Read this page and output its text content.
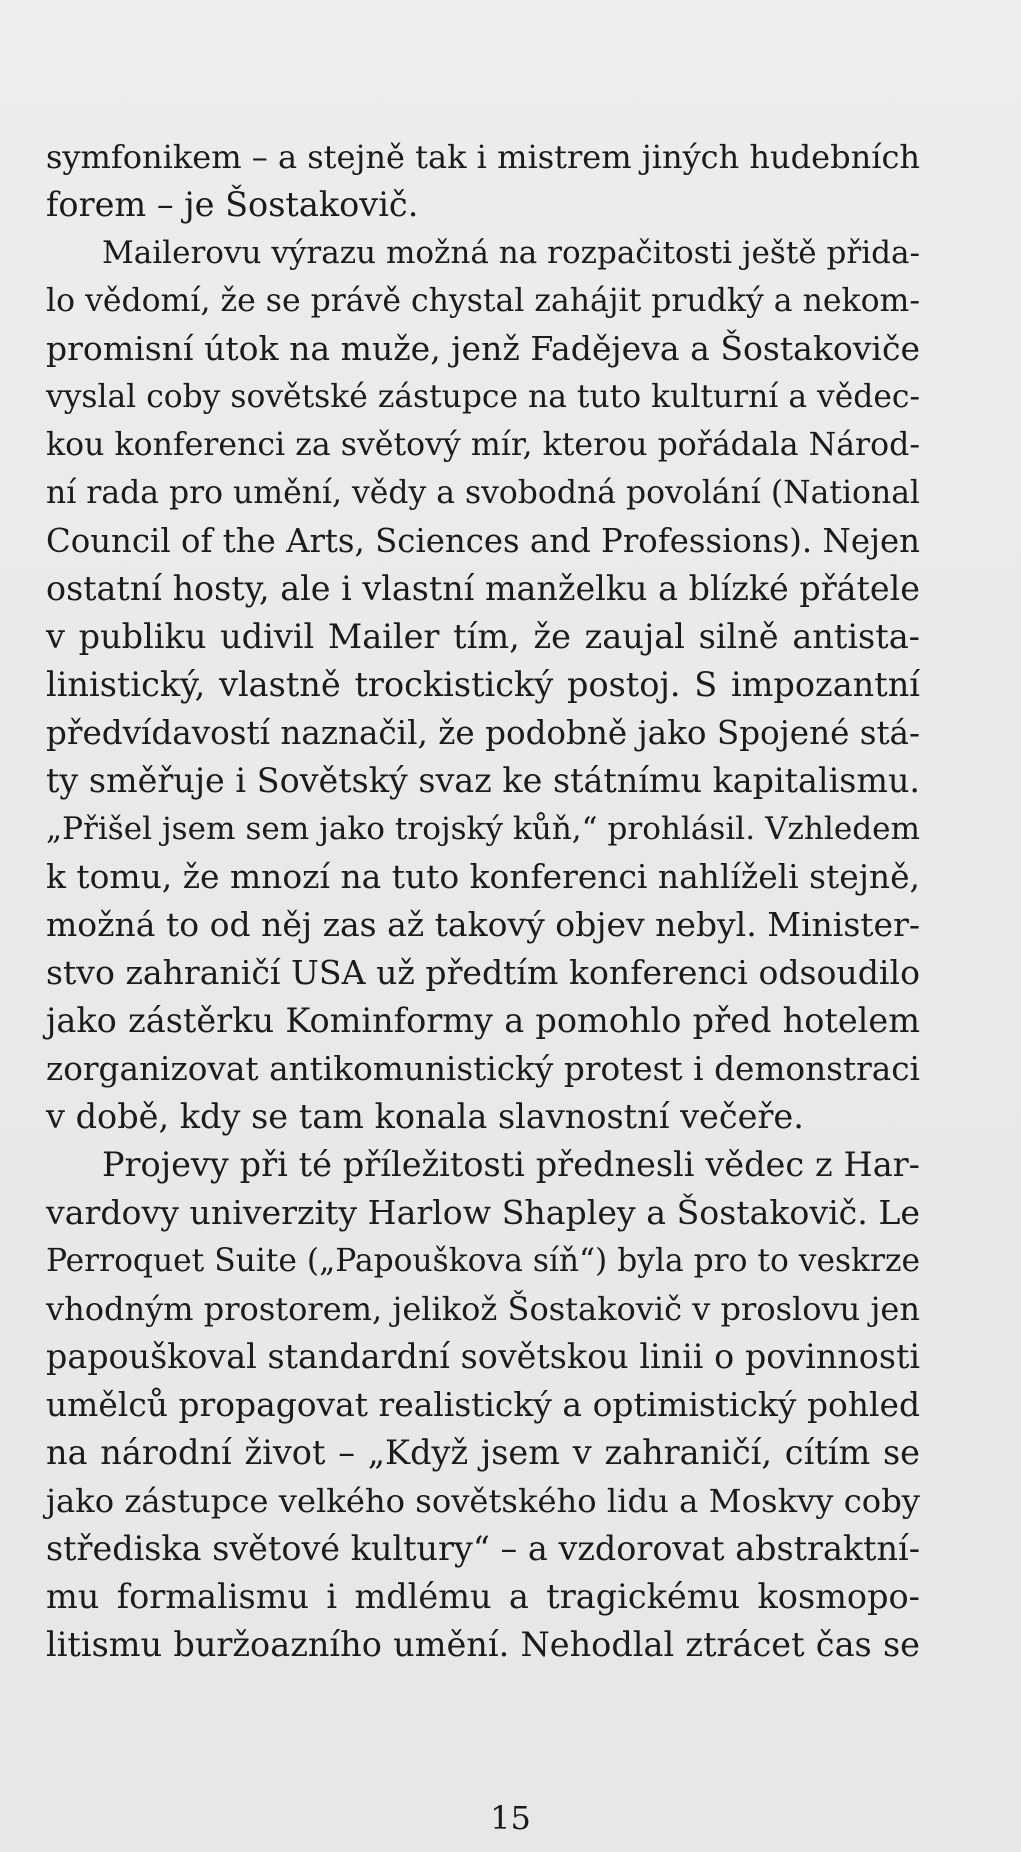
symfonikem – a stejně tak i mistrem jiných hudebních
forem – je Šostakovič.
Mailerovu výrazu možná na rozpačitosti ještě přida-
lo vědomí, že se právě chystal zahájit prudký a nekom-
promisní útok na muže, jenž Fadějeva a Šostakoviče
vyslal coby sovětské zástupce na tuto kulturní a vědec-
kou konferenci za světový mír, kterou pořádala Národ-
ní rada pro umění, vědy a svobodná povolání (National
Council of the Arts, Sciences and Professions). Nejen
ostatní hosty, ale i vlastní manželku a blízké přátele
v publiku udivil Mailer tím, že zaujal silně antista-
linistický, vlastně trockistický postoj. S impozantní
předvídavostí naznačil, že podobně jako Spojené stá-
ty směřuje i Sovětský svaz ke státnímu kapitalismu.
„Přišel jsem sem jako trojský kůň,“ prohlásil. Vzhledem
k tomu, že mnozí na tuto konferenci nahlíželi stejně,
možná to od něj zas až takový objev nebyl. Minister-
stvo zahraničí USA už předtím konferenci odsoudilo
jako zástěrku Kominformy a pomohlo před hotelem
zorganizovat antikomunistický protest i demonstraci
v době, kdy se tam konala slavnostní večeře.
Projevy při té příležitosti přednesli vědec z Har-
vardovy univerzity Harlow Shapley a Šostakovič. Le
Perroquet Suite („Papouškova síň“) byla pro to veskrze
vhodným prostorem, jelikož Šostakovič v proslovu jen
papouškoval standardní sovětskou linii o povinnosti
umělců propagovat realistický a optimistický pohled
na národní život – „Když jsem v zahraničí, cítím se
jako zástupce velkého sovětského lidu a Moskvy coby
střediska světové kultury“ – a vzdorovat abstraktní-
mu formalismu i mdlému a tragickému kosmopo-
litismu buržoazního umění. Nehodlal ztrácet čas se
15
